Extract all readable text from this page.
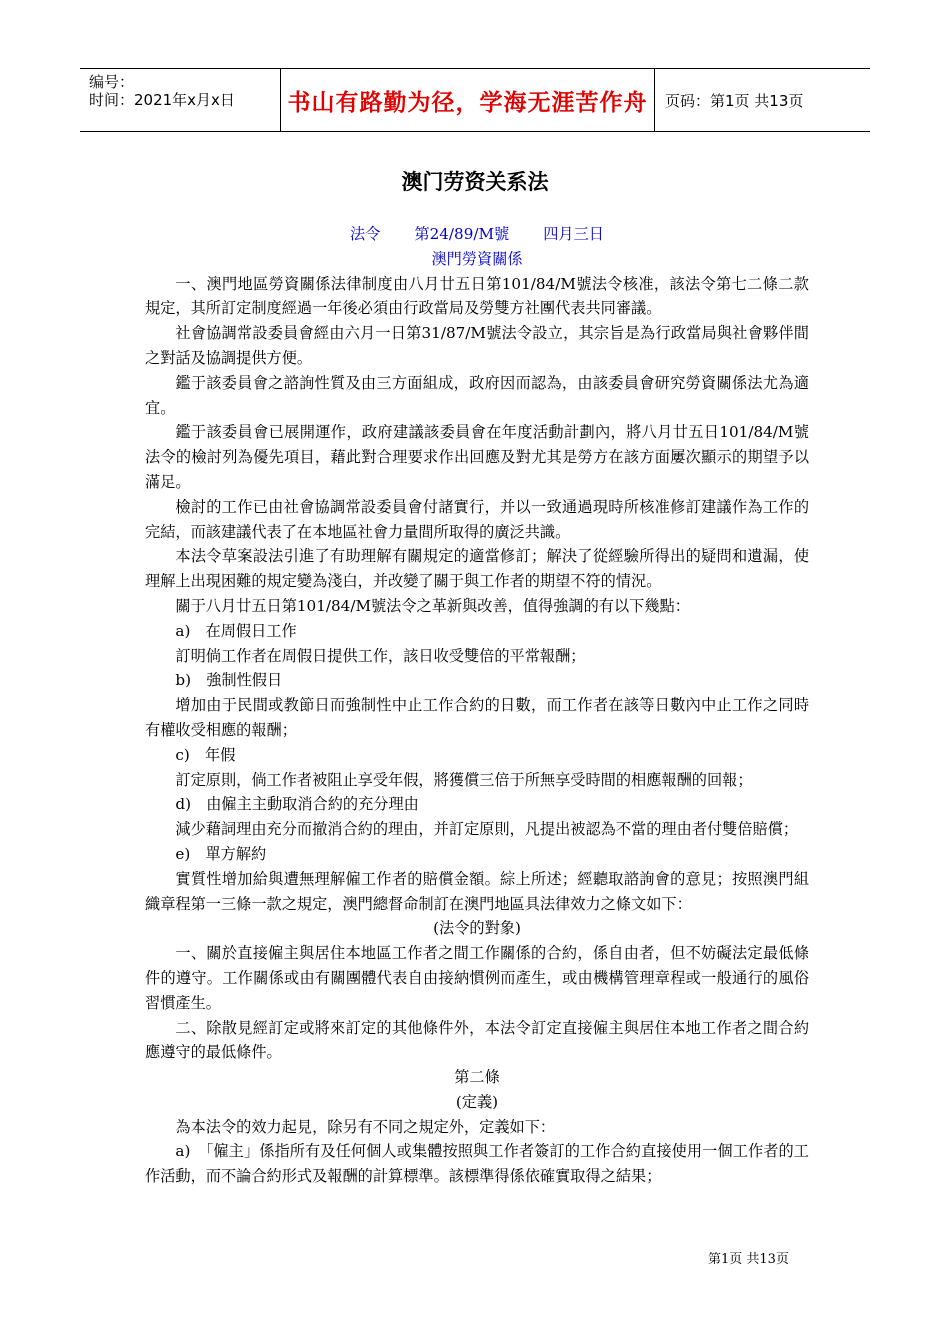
编号：
时间：2021年x月x日 书山有路勤为径，学海无涯苦作舟	页码：第1页 共13页
澳门劳资关系法

法令 第24/89/M號 四月三日

澳門勞資關係

一、澳門地區勞資關係法律制度由八月廿五日第101/84/M號法令核准，該法令第七二條二款規定，其所訂定制度經過一年後必須由行政當局及勞雙方社團代表共同審議。

社會協調常設委員會經由六月一日第31/87/M號法令設立，其宗旨是為行政當局與社會夥伴間之對話及協調提供方便。

鑑于該委員會之諮詢性質及由三方面組成，政府因而認為，由該委員會研究勞資關係法尤為適宜。

鑑于該委員會已展開運作，政府建議該委員會在年度活動計劃內，將八月廿五日101/84/M號法令的檢討列為優先項目，藉此對合理要求作出回應及對尤其是勞方在該方面屢次顯示的期望予以滿足。

檢討的工作已由社會協調常設委員會付諸實行，并以一致通過現時所核准修訂建議作為工作的完結，而該建議代表了在本地區社會力量間所取得的廣泛共識。

本法令草案設法引進了有助理解有關規定的適當修訂；解決了從經驗所得出的疑問和遺漏，使理解上出現困難的規定變為淺白，并改變了關于與工作者的期望不符的情況。

關于八月廿五日第101/84/M號法令之革新與改善，值得強調的有以下幾點：

a)　在周假日工作

訂明倘工作者在周假日提供工作，該日收受雙倍的平常報酬；

b)　強制性假日

增加由于民間或教節日而強制性中止工作合約的日數，而工作者在該等日數內中止工作之同時有權收受相應的報酬；

c)　年假

訂定原則，倘工作者被阻止享受年假，將獲償三倍于所無享受時間的相應報酬的回報；

d)　由僱主主動取消合約的充分理由

減少藉詞理由充分而撤消合約的理由，并訂定原則，凡提出被認為不當的理由者付雙倍賠償；

e)　單方解約

實質性增加給與遭無理解僱工作者的賠償金額。綜上所述；經聽取諮詢會的意見；按照澳門組織章程第一三條一款之規定，澳門總督命制訂在澳門地區具法律效力之條文如下：

(法令的對象)

一、關於直接僱主與居住本地區工作者之間工作關係的合約，係自由者，但不妨礙法定最低條件的遵守。工作關係或由有關團體代表自由接納慣例而產生，或由機構管理章程或一般通行的風俗習慣產生。

二、除散見經訂定或將來訂定的其他條件外，本法令訂定直接僱主與居住本地工作者之間合約應遵守的最低條件。

第二條

(定義)

為本法令的效力起見，除另有不同之規定外，定義如下：

a)　「僱主」係指所有及任何個人或集體按照與工作者簽訂的工作合約直接使用一個工作者的工作活動，而不論合約形式及報酬的計算標準。該標準得係依確實取得之結果；

第1页 共13页
